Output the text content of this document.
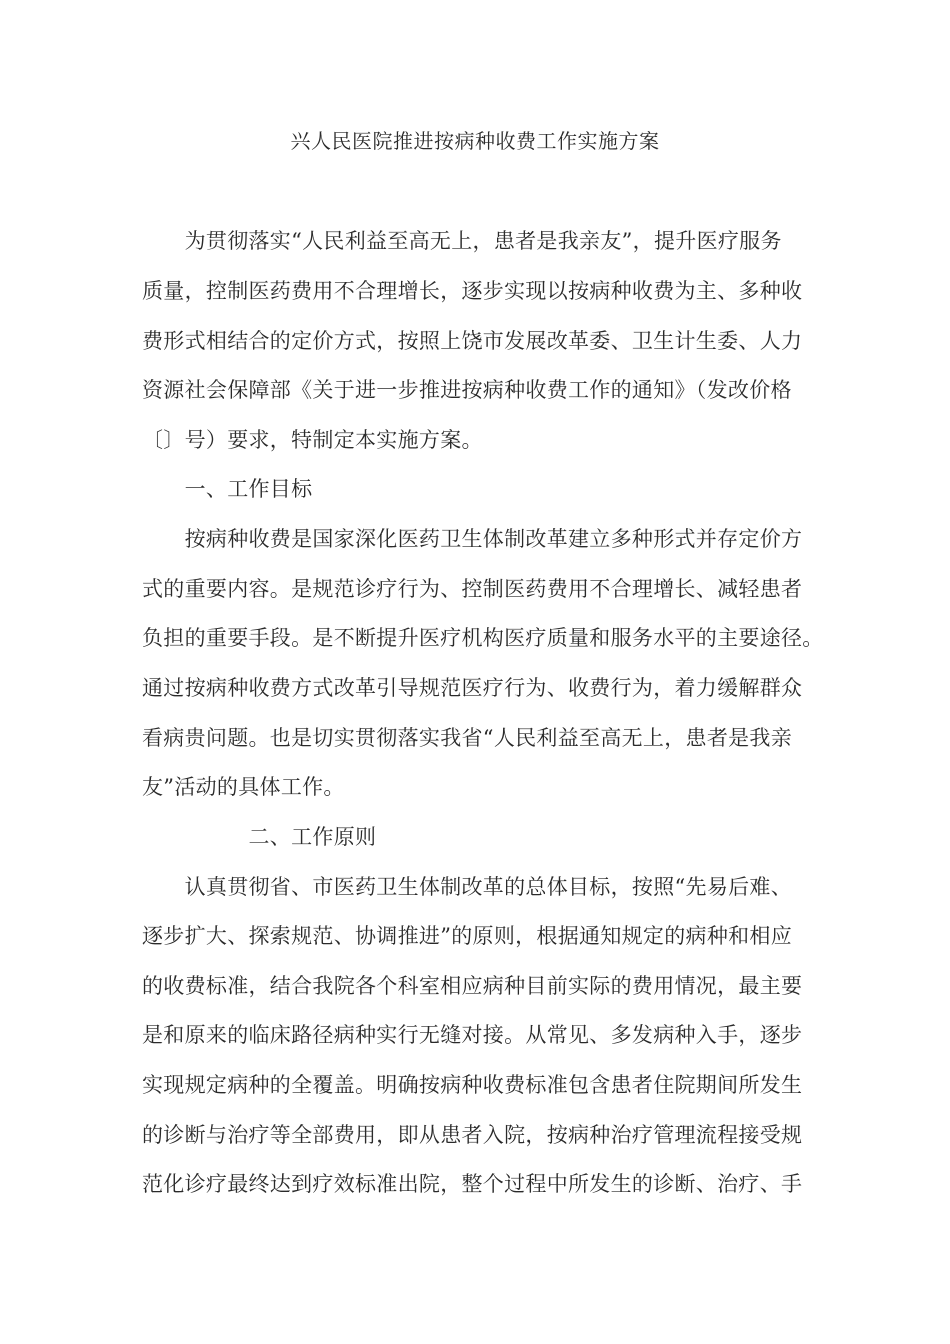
兴人民医院推进按病种收费工作实施方案
　　为贯彻落实“人民利益至高无上，患者是我亲友”，提升医疗服务
质量，控制医药费用不合理增长，逐步实现以按病种收费为主、多种收
费形式相结合的定价方式，按照上饶市发展改革委、卫生计生委、人力
资源社会保障部《关于进一步推进按病种收费工作的通知》（发改价格
〔〕号）要求，特制定本实施方案。
　　一、工作目标
　　按病种收费是国家深化医药卫生体制改革建立多种形式并存定价方
式的重要内容。是规范诊疗行为、控制医药费用不合理增长、减轻患者
负担的重要手段。是不断提升医疗机构医疗质量和服务水平的主要途径。
通过按病种收费方式改革引导规范医疗行为、收费行为，着力缓解群众
看病贵问题。也是切实贯彻落实我省“人民利益至高无上，患者是我亲
友”活动的具体工作。
　　　　　二、工作原则
　　认真贯彻省、市医药卫生体制改革的总体目标，按照“先易后难、
逐步扩大、探索规范、协调推进”的原则，根据通知规定的病种和相应
的收费标准，结合我院各个科室相应病种目前实际的费用情况，最主要
是和原来的临床路径病种实行无缝对接。从常见、多发病种入手，逐步
实现规定病种的全覆盖。明确按病种收费标准包含患者住院期间所发生
的诊断与治疗等全部费用，即从患者入院，按病种治疗管理流程接受规
范化诊疗最终达到疗效标准出院，整个过程中所发生的诊断、治疗、手
